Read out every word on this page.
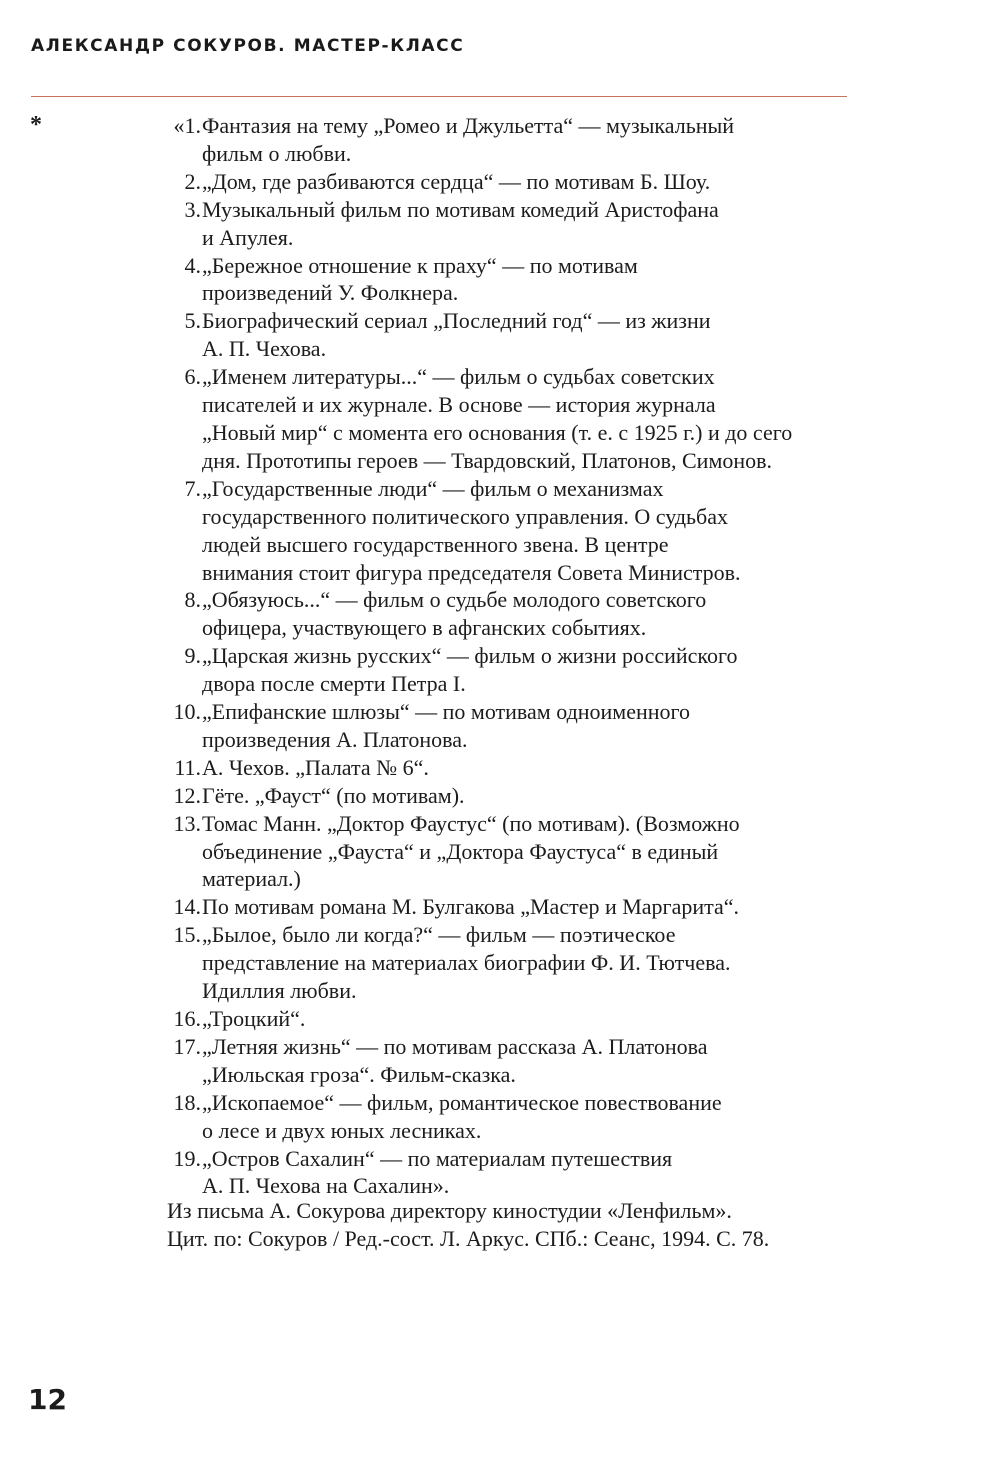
АЛЕКСАНДР СОКУРОВ. МАСТЕР-КЛАСС
*	«1. Фантазия на тему „Ромео и Джульетта“ — музыкальный
фильм о любви.
2. „Дом, где разбиваются сердца“ — по мотивам Б. Шоу.
3. Музыкальный фильм по мотивам комедий Аристофана
и Апулея.
4. „Бережное отношение к праху“ — по мотивам
произведений У. Фолкнера.
5. Биографический сериал „Последний год“ — из жизни
А. П. Чехова.
6. „Именем литературы...“ — фильм о судьбах советских
писателей и их журнале. В основе — история журнала
„Новый мир“ с момента его основания (т. е. с 1925 г.) и до сего
дня. Прототипы героев — Твардовский, Платонов, Симонов.
7. „Государственные люди“ — фильм о механизмах
государственного политического управления. О судьбах
людей высшего государственного звена. В центре
внимания стоит фигура председателя Совета Министров.
8. „Обязуюсь...“ — фильм о судьбе молодого советского
офицера, участвующего в афганских событиях.
9. „Царская жизнь русских“ — фильм о жизни российского
двора после смерти Петра I.
10. „Епифанские шлюзы“ — по мотивам одноименного
произведения А. Платонова.
11. А. Чехов. „Палата № 6“.
12. Гёте. „Фауст“ (по мотивам).
13. Томас Манн. „Доктор Фаустус“ (по мотивам). (Возможно
объединение „Фауста“ и „Доктора Фаустуса“ в единый
материал.)
14. По мотивам романа М. Булгакова „Мастер и Маргарита“.
15. „Былое, было ли когда?“ — фильм — поэтическое
представление на материалах биографии Ф. И. Тютчева.
Идиллия любви.
16. „Троцкий“.
17. „Летняя жизнь“ — по мотивам рассказа А. Платонова
„Июльская гроза“. Фильм-сказка.
18. „Ископаемое“ — фильм, романтическое повествование
о лесе и двух юных лесниках.
19. „Остров Сахалин“ — по материалам путешествия
А. П. Чехова на Сахалин».
Из письма А. Сокурова директору киностудии «Ленфильм».
Цит. по: Сокуров / Ред.-сост. Л. Аркус. СПб.: Сеанс, 1994. С. 78.
12
